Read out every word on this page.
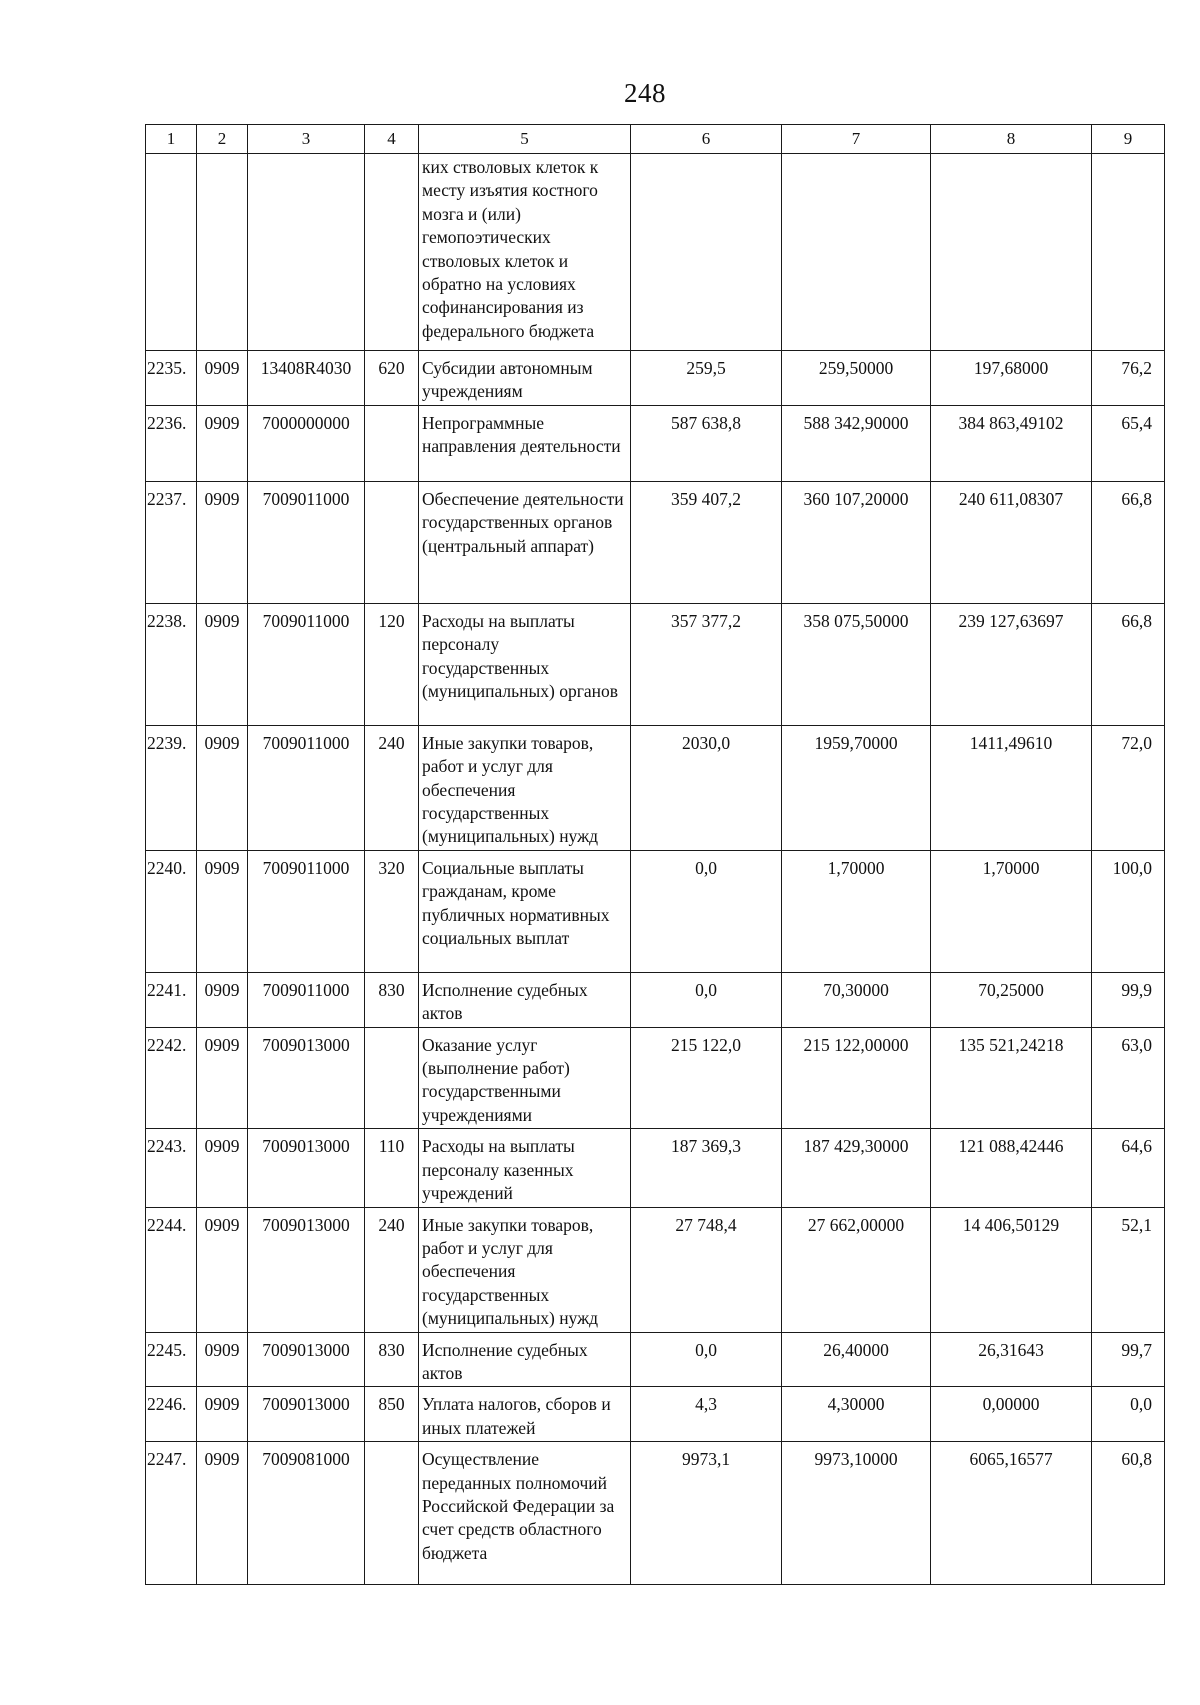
248
1	2	3	4	5	6	7	8	9
				ких стволовых клеток к месту изъятия костного мозга и (или) гемопоэтических стволовых клеток и обратно на условиях софинансирования из федерального бюджета				
2235.	0909	13408R4030	620	Субсидии автономным учреждениям	259,5	259,50000	197,68000	76,2
2236.	0909	7000000000		Непрограммные направления деятельности	587 638,8	588 342,90000	384 863,49102	65,4
2237.	0909	7009011000		Обеспечение деятельности государственных органов (центральный аппарат)	359 407,2	360 107,20000	240 611,08307	66,8
2238.	0909	7009011000	120	Расходы на выплаты персоналу государственных (муниципальных) органов	357 377,2	358 075,50000	239 127,63697	66,8
2239.	0909	7009011000	240	Иные закупки товаров, работ и услуг для обеспечения государственных (муниципальных) нужд	2030,0	1959,70000	1411,49610	72,0
2240.	0909	7009011000	320	Социальные выплаты гражданам, кроме публичных нормативных социальных выплат	0,0	1,70000	1,70000	100,0
2241.	0909	7009011000	830	Исполнение судебных актов	0,0	70,30000	70,25000	99,9
2242.	0909	7009013000		Оказание услуг (выполнение работ) государственными учреждениями	215 122,0	215 122,00000	135 521,24218	63,0
2243.	0909	7009013000	110	Расходы на выплаты персоналу казенных учреждений	187 369,3	187 429,30000	121 088,42446	64,6
2244.	0909	7009013000	240	Иные закупки товаров, работ и услуг для обеспечения государственных (муниципальных) нужд	27 748,4	27 662,00000	14 406,50129	52,1
2245.	0909	7009013000	830	Исполнение судебных актов	0,0	26,40000	26,31643	99,7
2246.	0909	7009013000	850	Уплата налогов, сборов и иных платежей	4,3	4,30000	0,00000	0,0
2247.	0909	7009081000		Осуществление переданных полномочий Российской Федерации за счет средств областного бюджета	9973,1	9973,10000	6065,16577	60,8
